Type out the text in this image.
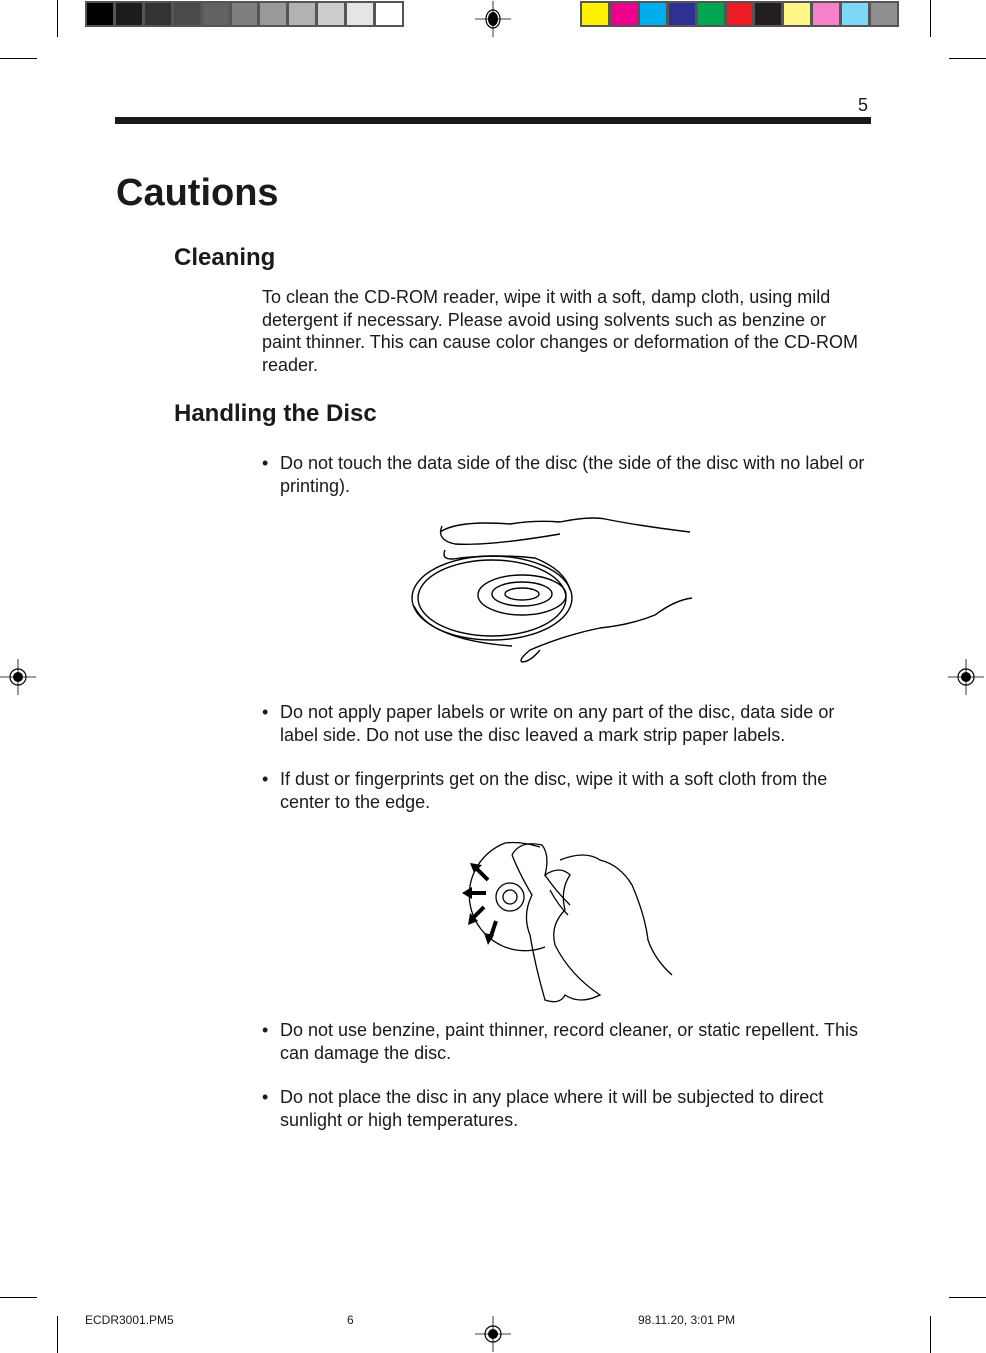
5
Cautions
Cleaning
To clean the CD-ROM reader, wipe it with a soft, damp cloth, using mild detergent if necessary. Please avoid using solvents such as benzine or paint thinner. This can cause color changes or deformation of the CD-ROM reader.
Handling the Disc
• Do not touch the data side of the disc (the side of the disc with no label or printing).
• Do not apply paper labels or write on any part of the disc, data side or label side. Do not use the disc leaved a mark strip paper labels.
• If dust or fingerprints get on the disc, wipe it with a soft cloth from the center to the edge.
• Do not use benzine, paint thinner, record cleaner, or static repellent. This can damage the disc.
• Do not place the disc in any place where it will be subjected to direct sunlight or high temperatures.
ECDR3001.PM5	6	98.11.20, 3:01 PM
